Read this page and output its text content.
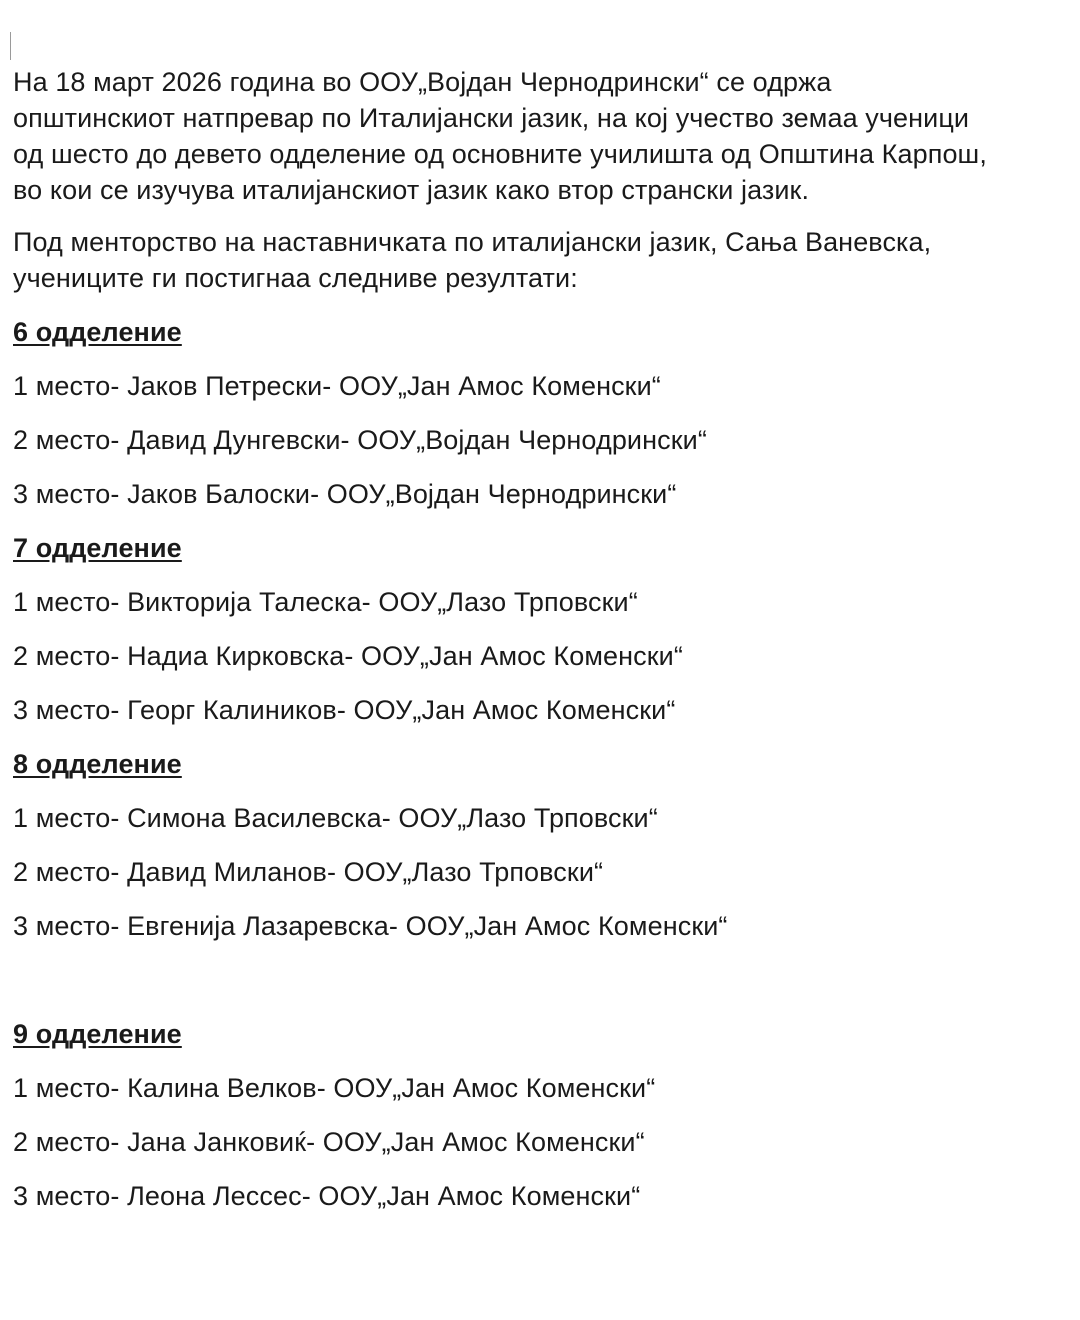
На 18 март 2026 година во ООУ„Војдан Чернодрински“ се одржа
општинскиот натпревар по Италијански јазик, на кој учество земаа ученици
од шесто до деветo одделение од основните училишта од Општина Карпош,
во кои се изучува италијанскиот јазик како втор странски јазик.

Под менторство на наставничката по италијански јазик, Сања Ваневска,
учениците ги постигнаа следниве резултати:

6 одделение

1 место- Јаков Петрески- ООУ„Јан Амос Коменски“

2 место- Давид Дунгевски- ООУ„Војдан Чернодрински“

3 место- Јаков Балоски- ООУ„Војдан Чернодрински“

7 одделение

1 место- Викторија Талеска- ООУ„Лазо Трповски“

2 место- Надиа Кирковска- ООУ„Јан Амос Коменски“

3 место- Георг Калиников- ООУ„Јан Амос Коменски“

8 одделение

1 место- Симона Василевска- ООУ„Лазо Трповски“

2 место- Давид Миланов- ООУ„Лазо Трповски“

3 место- Евгенија Лазаревска- ООУ„Јан Амос Коменски“

9 одделение

1 место- Калина Велков- ООУ„Јан Амос Коменски“

2 место- Јана Јанковиќ- ООУ„Јан Амос Коменски“

3 место- Леона Лессес- ООУ„Јан Амос Коменски“
